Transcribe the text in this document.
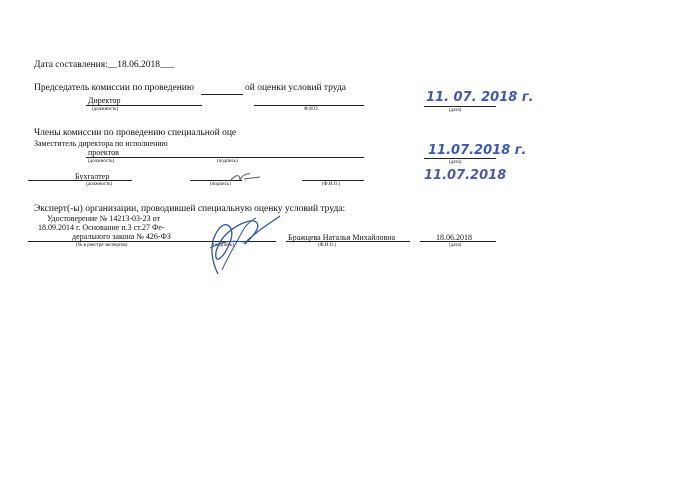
Дата составления:__18.06.2018___
Председатель комиссии по проведению	ой оценки условий труда
Директор
(должность)	Ф.И.О.	(дата)
11. 07. 2018 г.
Члены комиссии по проведению специальной оце
Заместитель директора по исполнению
проектов
(должность)	(подпись)	(дата)
11.07.2018 г.
Бухгалтер
(должность)	(подпись)	(Ф.И.О.)
11.07.2018
Эксперт(-ы) организации, проводившей специальную оценку условий труда:
Удостоверение № 14213-03-23 от
18.09.2014 г. Основание п.3 ст.27 Фе-
дерального закона № 426-ФЗ
(№ в реестре экспертов)	(подпись)
Бражцева Наталья Михайловна
(Ф.И.О.)
18.06.2018
(дата)
